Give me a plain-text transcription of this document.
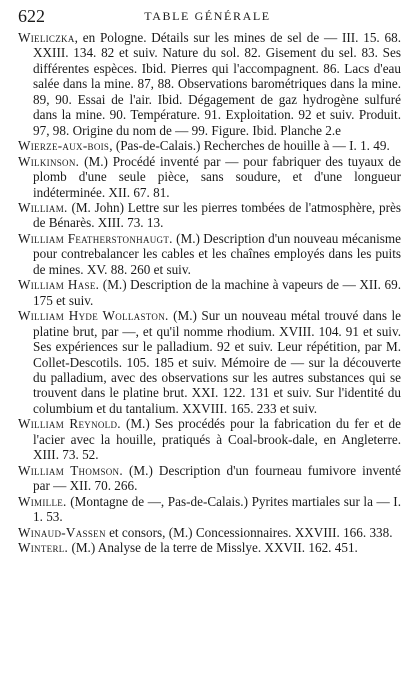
622	TABLE GÉNÉRALE

Wieliczka, en Pologne. Détails sur les mines de sel de — III. 15. 68. XXIII. 134. 82 et suiv. Nature du sol. 82. Gisement du sel. 83. Ses différentes espèces. Ibid. Pierres qui l'accompagnent. 86. Lacs d'eau salée dans la mine. 87, 88. Observations barométriques dans la mine. 89, 90. Essai de l'air. Ibid. Dégagement de gaz hydrogène sulfuré dans la mine. 90. Température. 91. Exploitation. 92 et suiv. Produit. 97, 98. Origine du nom de — 99. Figure. Ibid. Planche 2.e

Wierze-aux-bois, (Pas-de-Calais.) Recherches de houille à — I. 1. 49.

Wilkinson. (M.) Procédé inventé par — pour fabriquer des tuyaux de plomb d'une seule pièce, sans soudure, et d'une longueur indéterminée. XII. 67. 81.

William. (M. John) Lettre sur les pierres tombées de l'atmosphère, près de Bénarès. XIII. 73. 13.

William Featherstonhaugt. (M.) Description d'un nouveau mécanisme pour contrebalancer les cables et les chaînes employés dans les puits de mines. XV. 88. 260 et suiv.

William Hase. (M.) Description de la machine à vapeurs de — XII. 69. 175 et suiv.

William Hyde Wollaston. (M.) Sur un nouveau métal trouvé dans le platine brut, par —, et qu'il nomme rhodium. XVIII. 104. 91 et suiv. Ses expériences sur le palladium. 92 et suiv. Leur répétition, par M. Collet-Descotils. 105. 185 et suiv. Mémoire de — sur la découverte du palladium, avec des observations sur les autres substances qui se trouvent dans le platine brut. XXI. 122. 131 et suiv. Sur l'identité du columbium et du tantalium. XXVIII. 165. 233 et suiv.

William Reynold. (M.) Ses procédés pour la fabrication du fer et de l'acier avec la houille, pratiqués à Coal-brook-dale, en Angleterre. XIII. 73. 52.

William Thomson. (M.) Description d'un fourneau fumivore inventé par — XII. 70. 266.

Wimille. (Montagne de —, Pas-de-Calais.) Pyrites martiales sur la — I. 1. 53.

Winaud-Vassen et consors, (M.) Concessionnaires. XXVIII. 166. 338.

Winterl. (M.) Analyse de la terre de Misslye. XXVII. 162. 451.
